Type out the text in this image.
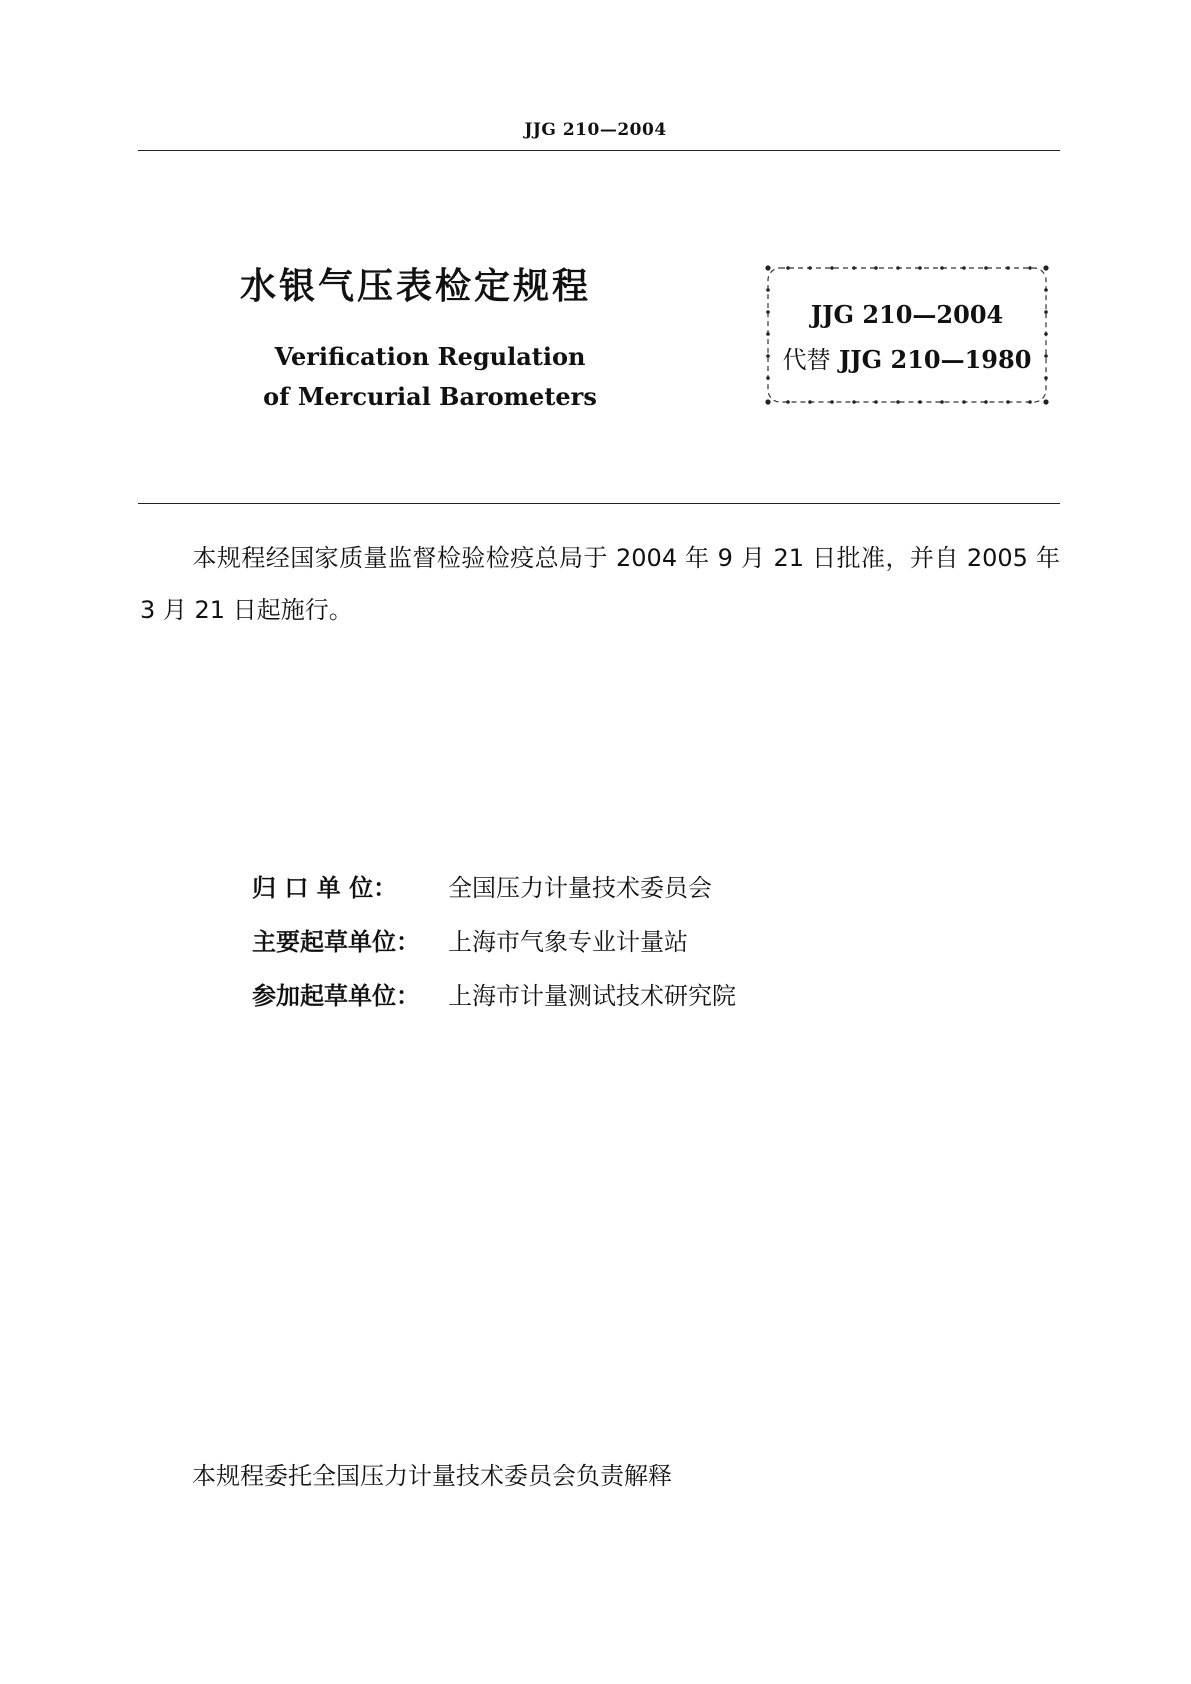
JJG 210—2004
水银气压表检定规程
Verification Regulation
of Mercurial Barometers
JJG 210—2004
代替 JJG 210—1980
本规程经国家质量监督检验检疫总局于 2004 年 9 月 21 日批准，并自 2005 年 3 月 21 日起施行。
归 口 单 位： 全国压力计量技术委员会
主要起草单位： 上海市气象专业计量站
参加起草单位： 上海市计量测试技术研究院
本规程委托全国压力计量技术委员会负责解释
